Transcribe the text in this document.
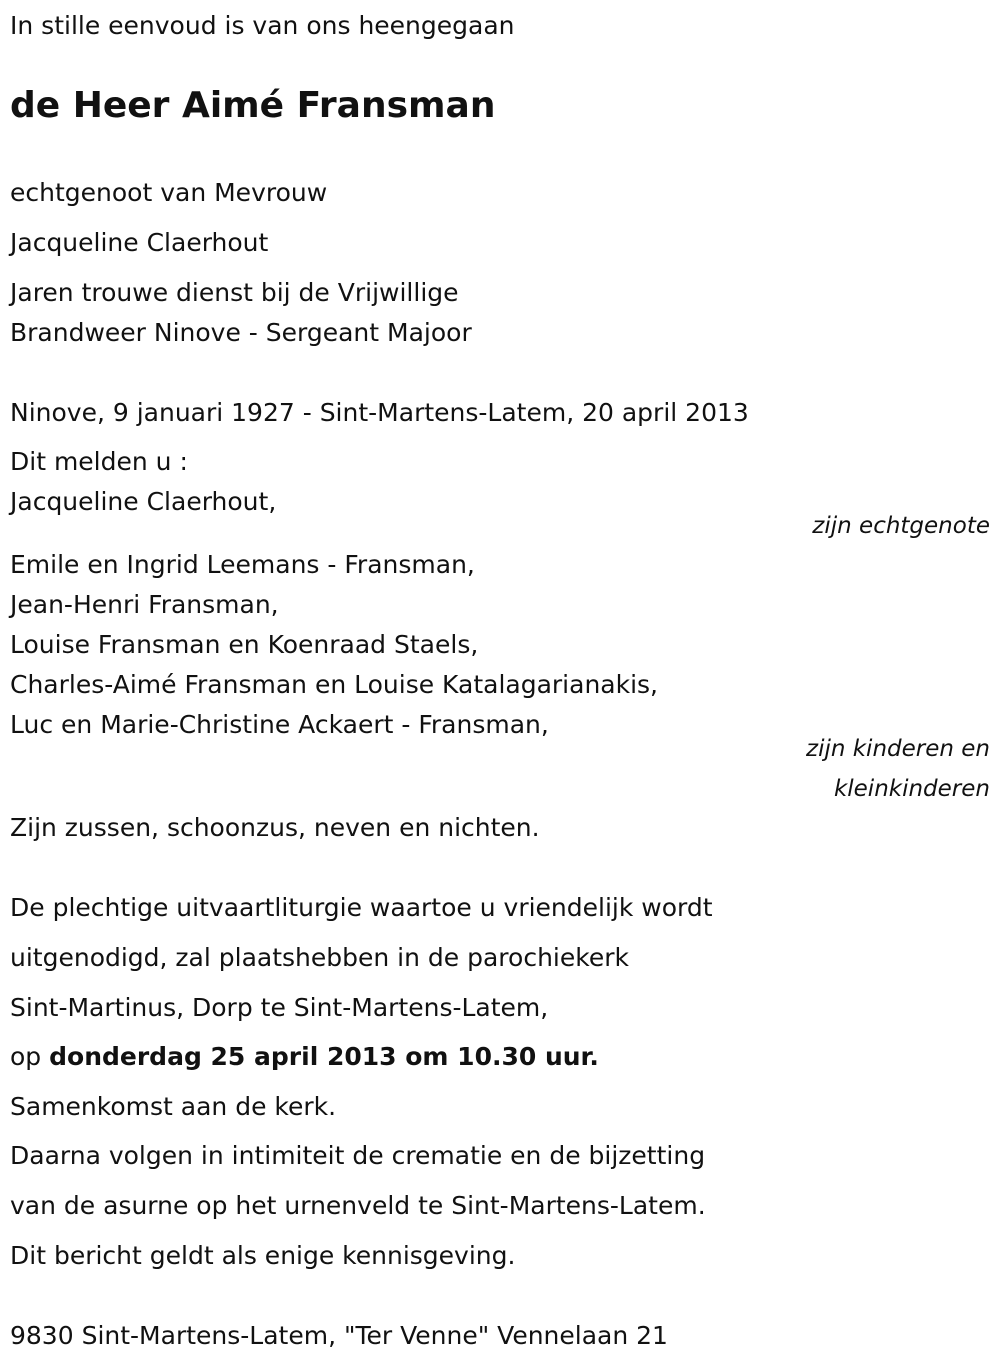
In stille eenvoud is van ons heengegaan
de Heer Aimé Fransman
echtgenoot van Mevrouw
Jacqueline Claerhout
Jaren trouwe dienst bij de Vrijwillige
Brandweer Ninove - Sergeant Majoor
Ninove, 9 januari 1927 - Sint-Martens-Latem, 20 april 2013
Dit melden u :
Jacqueline Claerhout,
zijn echtgenote
Emile en Ingrid Leemans - Fransman,
Jean-Henri Fransman,
Louise Fransman en Koenraad Staels,
Charles-Aimé Fransman en Louise Katalagarianakis,
Luc en Marie-Christine Ackaert - Fransman,
zijn kinderen en
kleinkinderen
Zijn zussen, schoonzus, neven en nichten.
De plechtige uitvaartliturgie waartoe u vriendelijk wordt
uitgenodigd, zal plaatshebben in de parochiekerk
Sint-Martinus, Dorp te Sint-Martens-Latem,
op donderdag 25 april 2013 om 10.30 uur.
Samenkomst aan de kerk.
Daarna volgen in intimiteit de crematie en de bijzetting
van de asurne op het urnenveld te Sint-Martens-Latem.
Dit bericht geldt als enige kennisgeving.
9830 Sint-Martens-Latem, "Ter Venne" Vennelaan 21
